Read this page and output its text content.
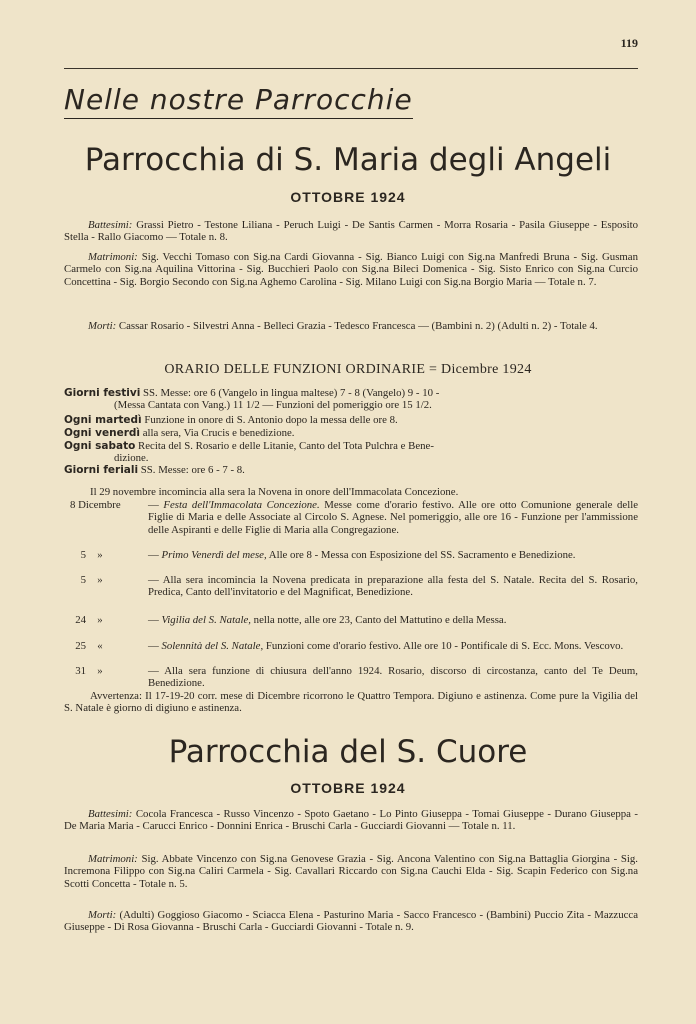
119
Nelle nostre Parrocchie
Parrocchia di S. Maria degli Angeli
OTTOBRE 1924
Battesimi: Grassi Pietro - Testone Liliana - Peruch Luigi - De Santis Carmen - Morra Rosaria - Pasila Giuseppe - Esposito Stella - Rallo Giacomo — Totale n. 8.
Matrimoni: Sig. Vecchi Tomaso con Sig.na Cardi Giovanna - Sig. Bianco Luigi con Sig.na Manfredi Bruna - Sig. Gusman Carmelo con Sig.na Aquilina Vittorina - Sig. Bucchieri Paolo con Sig.na Bileci Domenica - Sig. Sisto Enrico con Sig.na Curcio Concettina - Sig. Borgio Secondo con Sig.na Aghemo Carolina - Sig. Milano Luigi con Sig.na Borgio Maria — Totale n. 7.
Morti: Cassar Rosario - Silvestri Anna - Belleci Grazia - Tedesco Francesca — (Bambini n. 2) (Adulti n. 2) - Totale 4.
ORARIO DELLE FUNZIONI ORDINARIE = Dicembre 1924
Giorni festivi SS. Messe: ore 6 (Vangelo in lingua maltese) 7 - 8 (Vangelo) 9 - 10 -
(Messa Cantata con Vang.) 11 1/2 — Funzioni del pomeriggio ore 15 1/2.
Ogni martedì Funzione in onore di S. Antonio dopo la messa delle ore 8.
Ogni venerdì alla sera, Via Crucis e benedizione.
Ogni sabato Recita del S. Rosario e delle Litanie, Canto del Tota Pulchra e Bene-
dizione.
Giorni feriali SS. Messe: ore 6 - 7 - 8.
Il 29 novembre incomincia alla sera la Novena in onore dell'Immacolata Concezione.
8 Dicembre	— Festa dell'Immacolata Concezione. Messe come d'orario festivo. Alle ore otto Comunione generale delle Figlie di Maria e delle Associate al Circolo S. Agnese. Nel pomeriggio, alle ore 16 - Funzione per l'ammissione delle Aspiranti e delle Figlie di Maria alla Congregazione.
5 »	— Primo Venerdì del mese, Alle ore 8 - Messa con Esposizione del SS. Sacramento e Benedizione.
5 »	— Alla sera incomincia la Novena predicata in preparazione alla festa del S. Natale. Recita del S. Rosario, Predica, Canto dell'invitatorio e del Magnificat, Benedizione.
24 »	— Vigilia del S. Natale, nella notte, alle ore 23, Canto del Mattutino e della Messa.
25 «	— Solennità del S. Natale, Funzioni come d'orario festivo. Alle ore 10 - Pontificale di S. Ecc. Mons. Vescovo.
31 »	— Alla sera funzione di chiusura dell'anno 1924. Rosario, discorso di circostanza, canto del Te Deum, Benedizione.
Avvertenza: Il 17-19-20 corr. mese di Dicembre ricorrono le Quattro Tempora. Digiuno e astinenza. Come pure la Vigilia del S. Natale è giorno di digiuno e astinenza.
Parrocchia del S. Cuore
OTTOBRE 1924
Battesimi: Cocola Francesca - Russo Vincenzo - Spoto Gaetano - Lo Pinto Giuseppa - Tomai Giuseppe - Durano Giuseppa - De Maria Maria - Carucci Enrico - Donnini Enrica - Bruschi Carla - Gucciardi Giovanni — Totale n. 11.
Matrimoni: Sig. Abbate Vincenzo con Sig.na Genovese Grazia - Sig. Ancona Valentino con Sig.na Battaglia Giorgina - Sig. Incremona Filippo con Sig.na Caliri Carmela - Sig. Cavallari Riccardo con Sig.na Cauchi Elda - Sig. Scapin Federico con Sig.na Scotti Concetta - Totale n. 5.
Morti: (Adulti) Goggioso Giacomo - Sciacca Elena - Pasturino Maria - Sacco Francesco - (Bambini) Puccio Zita - Mazzucca Giuseppe - Di Rosa Giovanna - Bruschi Carla - Gucciardi Giovanni - Totale n. 9.
